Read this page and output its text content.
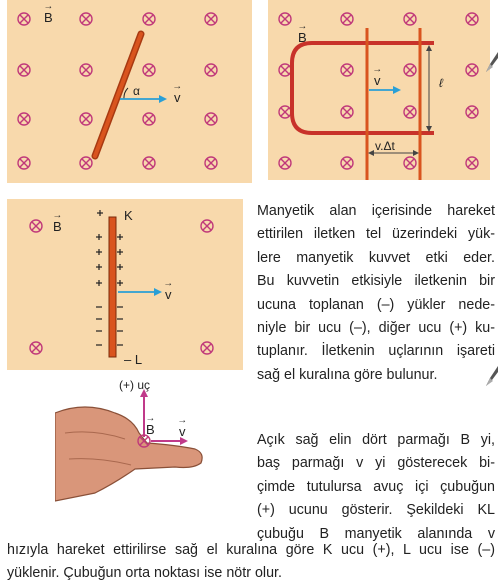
→ B
α	→ v
→ B
→ v	ℓ
v.Δt
→ B
K
– L
→ v
(+) uç
→ B → v
Manyetik alan içerisinde hareket
ettirilen iletken tel üzerindeki yük-
lere manyetik kuvvet etki eder.
Bu kuvvetin etkisiyle iletkenin bir
ucuna toplanan (–) yükler nede-
niyle bir ucu (–), diğer ucu (+) ku-
tuplanır. İletkenin uçlarının işareti
sağ el kuralına göre bulunur.
Açık sağ elin dört parmağı → B yi,
baş parmağı → v yi gösterecek bi-
çimde tutulursa avuç içi çubuğun
(+) ucunu gösterir. Şekildeki KL
çubuğu → B manyetik alanında → v
hızıyla hareket ettirilirse sağ el kuralına göre K ucu (+), L ucu ise (–)
yüklenir. Çubuğun orta noktası ise nötr olur.
